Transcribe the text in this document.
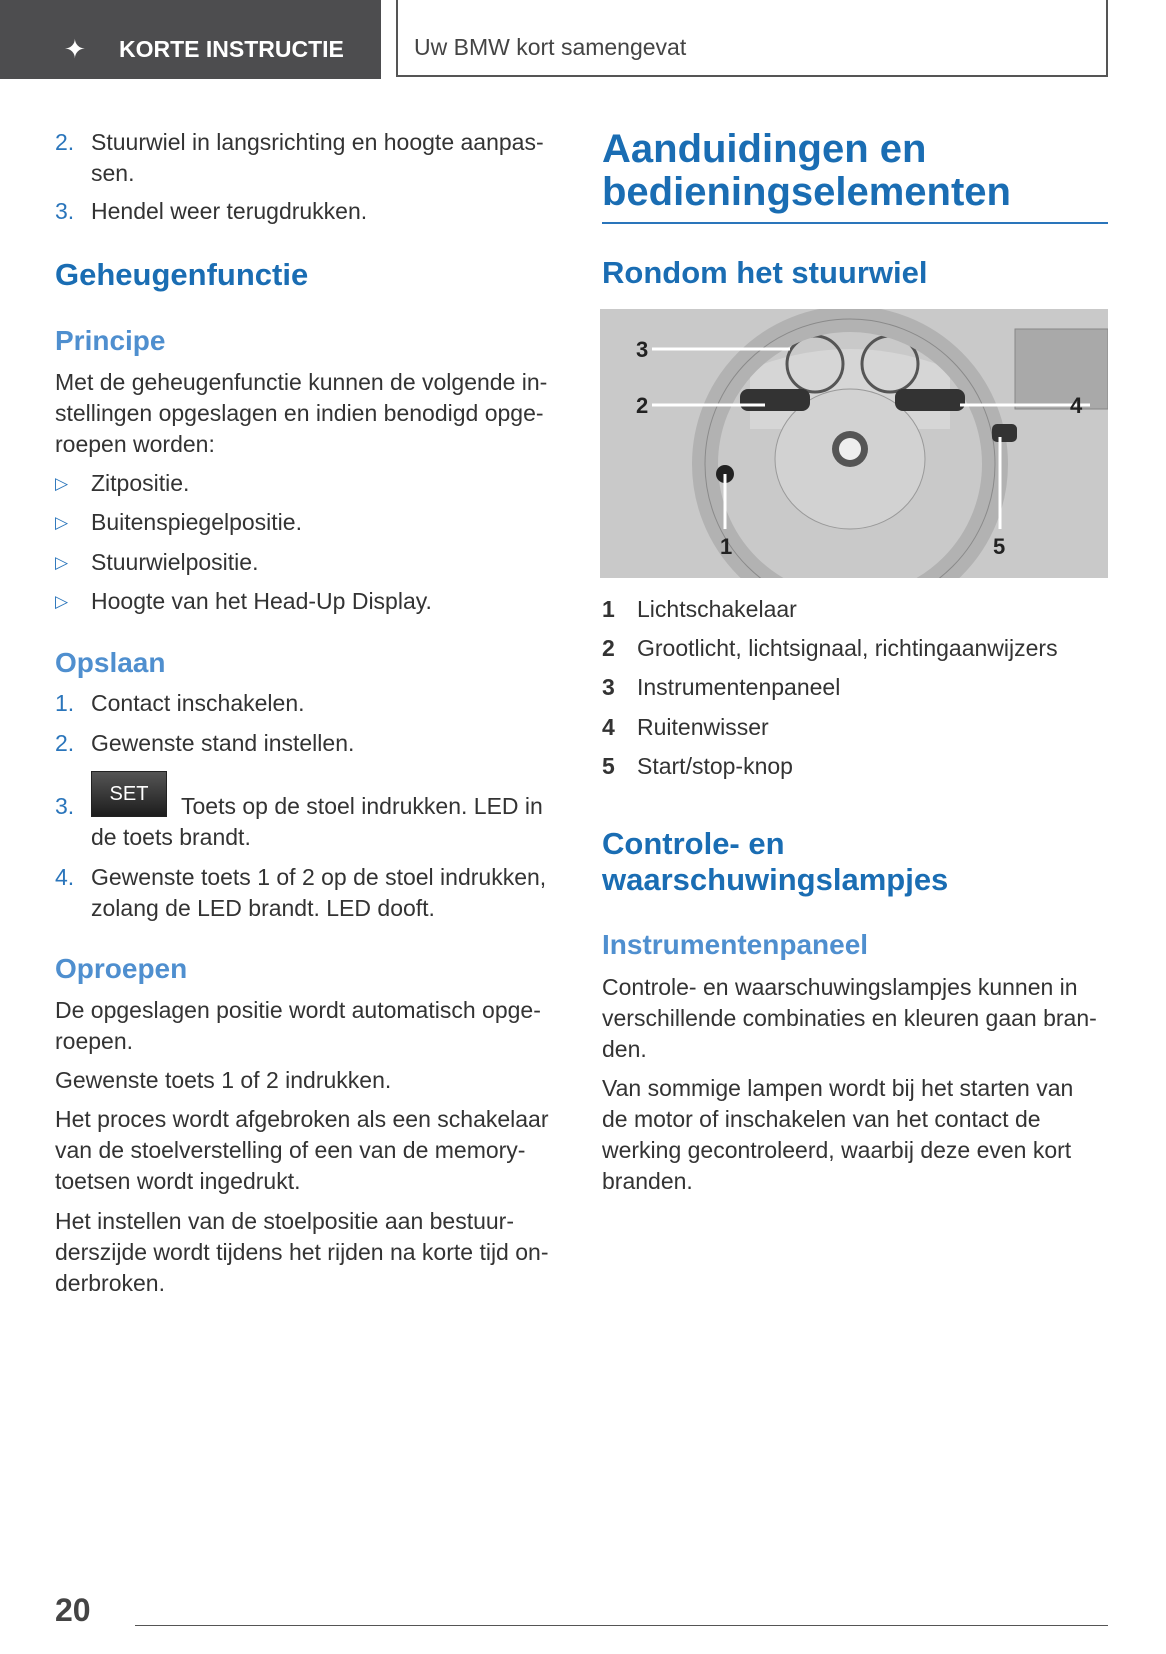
✦ KORTE INSTRUCTIE	Uw BMW kort samengevat
2. Stuurwiel in langsrichting en hoogte aanpas-
sen.
3. Hendel weer terugdrukken.
Geheugenfunctie
Principe
Met de geheugenfunctie kunnen de volgende in-
stellingen opgeslagen en indien benodigd opge-
roepen worden:
▷ Zitpositie.
▷ Buitenspiegelpositie.
▷ Stuurwielpositie.
▷ Hoogte van het Head-Up Display.
Opslaan
1. Contact inschakelen.
2. Gewenste stand instellen.
SET
3.	Toets op de stoel indrukken. LED in
de toets brandt.
4. Gewenste toets 1 of 2 op de stoel indrukken,
zolang de LED brandt. LED dooft.
Oproepen
De opgeslagen positie wordt automatisch opge-
roepen.
Gewenste toets 1 of 2 indrukken.
Het proces wordt afgebroken als een schakelaar
van de stoelverstelling of een van de memory-
toetsen wordt ingedrukt.
Het instellen van de stoelpositie aan bestuur-
derszijde wordt tijdens het rijden na korte tijd on-
derbroken.
Aanduidingen en
bedieningselementen
Rondom het stuurwiel
1
2
3
4
5
1 Lichtschakelaar
2 Grootlicht, lichtsignaal, richtingaanwijzers
3 Instrumentenpaneel
4 Ruitenwisser
5 Start/stop-knop
Controle- en
waarschuwingslampjes
Instrumentenpaneel
Controle- en waarschuwingslampjes kunnen in
verschillende combinaties en kleuren gaan bran-
den.
Van sommige lampen wordt bij het starten van
de motor of inschakelen van het contact de
werking gecontroleerd, waarbij deze even kort
branden.
20
